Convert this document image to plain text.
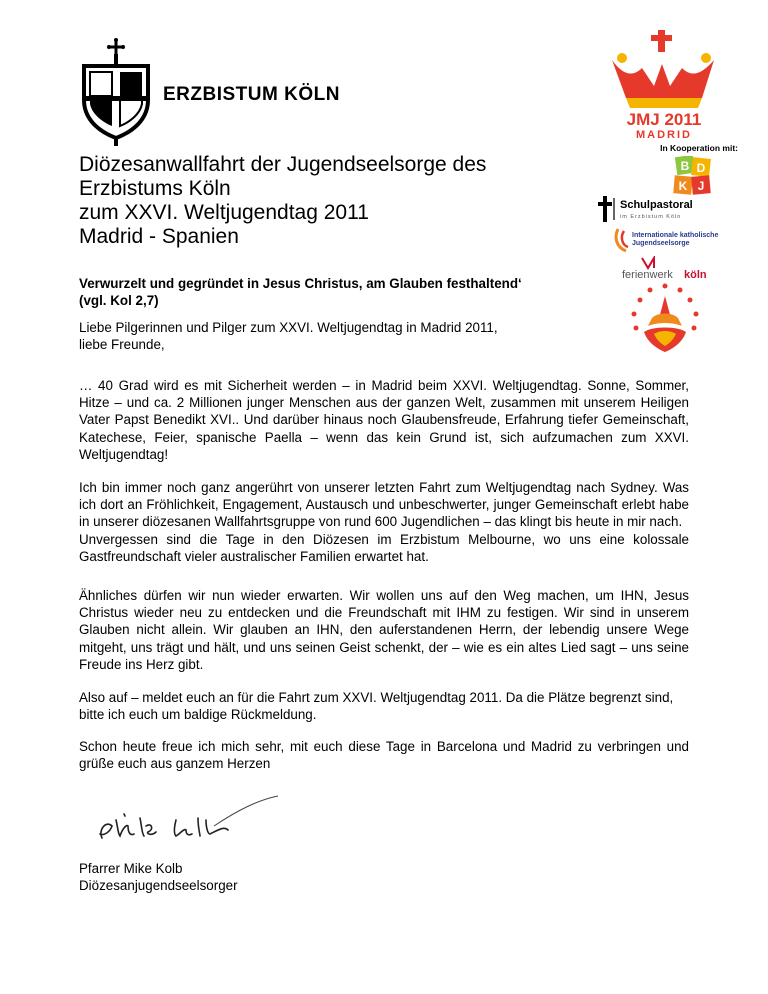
ERZBISTUM KÖLN
Diözesanwallfahrt der Jugendseelsorge des
Erzbistums Köln
zum XXVI. Weltjugendtag 2011
Madrid - Spanien
JMJ 2011
MADRID
In Kooperation mit:
B D
K J
Schulpastoral
im Erzbistum Köln
Internationale katholische
Jugendseelsorge
ferienwerk köln
Verwurzelt und gegründet in Jesus Christus, am Glauben festhaltend‘
(vgl. Kol 2,7)
Liebe Pilgerinnen und Pilger zum XXVI. Weltjugendtag in Madrid 2011,
liebe Freunde,
… 40 Grad wird es mit Sicherheit werden – in Madrid beim XXVI. Weltjugendtag. Sonne, Sommer, Hitze – und ca. 2 Millionen junger Menschen aus der ganzen Welt, zusammen mit unserem Heiligen Vater Papst Benedikt XVI.. Und darüber hinaus noch Glaubensfreude, Erfahrung tiefer Gemeinschaft, Katechese, Feier, spanische Paella – wenn das kein Grund ist, sich aufzumachen zum XXVI. Weltjugendtag!
Ich bin immer noch ganz angerührt von unserer letzten Fahrt zum Weltjugendtag nach Sydney. Was ich dort an Fröhlichkeit, Engagement, Austausch und unbeschwerter, junger Gemeinschaft erlebt habe in unserer diözesanen Wallfahrtsgruppe von rund 600 Jugendlichen – das klingt bis heute in mir nach.
Unvergessen sind die Tage in den Diözesen im Erzbistum Melbourne, wo uns eine kolossale Gastfreundschaft vieler australischer Familien erwartet hat.
Ähnliches dürfen wir nun wieder erwarten. Wir wollen uns auf den Weg machen, um IHN, Jesus Christus wieder neu zu entdecken und die Freundschaft mit IHM zu festigen. Wir sind in unserem Glauben nicht allein. Wir glauben an IHN, den auferstandenen Herrn, der lebendig unsere Wege mitgeht, uns trägt und hält, und uns seinen Geist schenkt, der – wie es ein altes Lied sagt – uns seine Freude ins Herz gibt.
Also auf – meldet euch an für die Fahrt zum XXVI. Weltjugendtag 2011. Da die Plätze begrenzt sind, bitte ich euch um baldige Rückmeldung.
Schon heute freue ich mich sehr, mit euch diese Tage in Barcelona und Madrid zu verbringen und grüße euch aus ganzem Herzen
Pfarrer Mike Kolb
Diözesanjugendseelsorger
